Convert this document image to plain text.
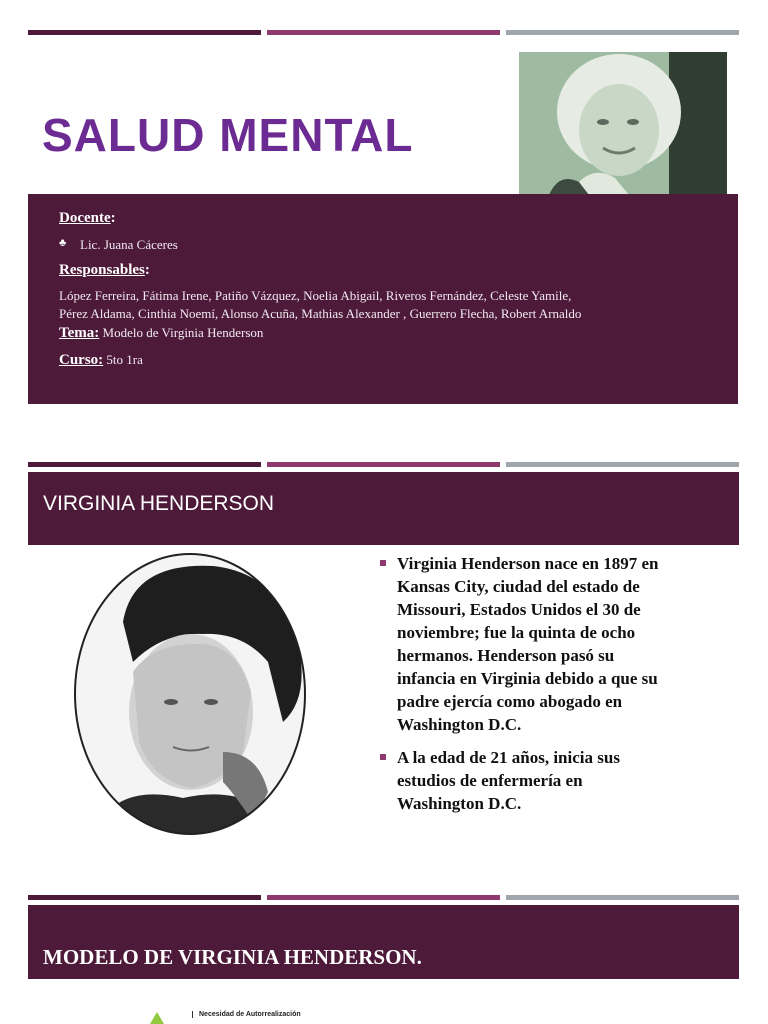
SALUD MENTAL
Docente:
♣ Lic. Juana Cáceres
Responsables:
López Ferreira, Fátima Irene, Patiño Vázquez, Noelia Abigail, Riveros Fernández, Celeste Yamile,
Pérez Aldama, Cinthia Noemí, Alonso Acuña, Mathias Alexander , Guerrero Flecha, Robert Arnaldo
Tema: Modelo de Virginia Henderson
Curso: 5to 1ra
VIRGINIA HENDERSON
Virginia Henderson nace en 1897 en Kansas City, ciudad del estado de Missouri, Estados Unidos el 30 de noviembre; fue la quinta de ocho hermanos. Henderson pasó su infancia en Virginia debido a que su padre ejercía como abogado en Washington D.C.
A la edad de 21 años, inicia sus estudios de enfermería en Washington D.C.
MODELO DE VIRGINIA HENDERSON.
Necesidad de Autorrealización
